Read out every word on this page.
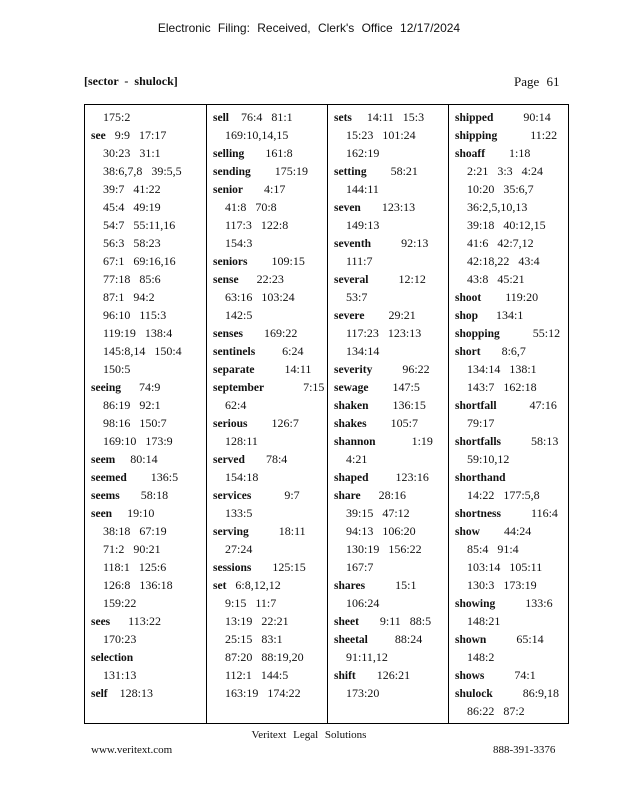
Electronic Filing: Received, Clerk's Office 12/17/2024
[sector - shulock]	Page 61
175:2
see   9:9   17:17
30:23   31:1
38:6,7,8   39:5,5
39:7   41:22
45:4   49:19
54:7   55:11,16
56:3   58:23
67:1   69:16,16
77:18   85:6
87:1   94:2
96:10   115:3
119:19   138:4
145:8,14   150:4
150:5
seeing      74:9
86:19   92:1
98:16   150:7
169:10   173:9
seem     80:14
seemed        136:5
seems       58:18
seen     19:10
38:18   67:19
71:2   90:21
118:1   125:6
126:8   136:18
159:22
sees      113:22
170:23
selection
131:13
self    128:13
sell    76:4   81:1
169:10,14,15
selling       161:8
sending        175:19
senior       4:17
41:8   70:8
117:3   122:8
154:3
seniors        109:15
sense      22:23
63:16   103:24
142:5
senses       169:22
sentinels         6:24
separate          14:11
september             7:15
62:4
serious        126:7
128:11
served       78:4
154:18
services           9:7
133:5
serving          18:11
27:24
sessions       125:15
set   6:8,12,12
9:15   11:7
13:19   22:21
25:15   83:1
87:20   88:19,20
112:1   144:5
163:19   174:22
sets     14:11   15:3
15:23   101:24
162:19
setting        58:21
144:11
seven       123:13
149:13
seventh          92:13
111:7
several          12:12
53:7
severe        29:21
117:23   123:13
134:14
severity          96:22
sewage        147:5
shaken        136:15
shakes        105:7
shannon            1:19
4:21
shaped         123:16
share      28:16
39:15   47:12
94:13   106:20
130:19   156:22
167:7
shares          15:1
106:24
sheet       9:11   88:5
sheetal         88:24
91:11,12
shift       126:21
173:20
shipped          90:14
shipping           11:22
shoaff        1:18
2:21   3:3   4:24
10:20   35:6,7
36:2,5,10,13
39:18   40:12,15
41:6   42:7,12
42:18,22   43:4
43:8   45:21
shoot        119:20
shop      134:1
shopping           55:12
short       8:6,7
134:14   138:1
143:7   162:18
shortfall           47:16
79:17
shortfalls          58:13
59:10,12
shorthand
14:22   177:5,8
shortness          116:4
show        44:24
85:4   91:4
103:14   105:11
130:3   173:19
showing          133:6
148:21
shown          65:14
148:2
shows          74:1
shulock          86:9,18
86:22   87:2
Veritext Legal Solutions
www.veritext.com	888-391-3376
